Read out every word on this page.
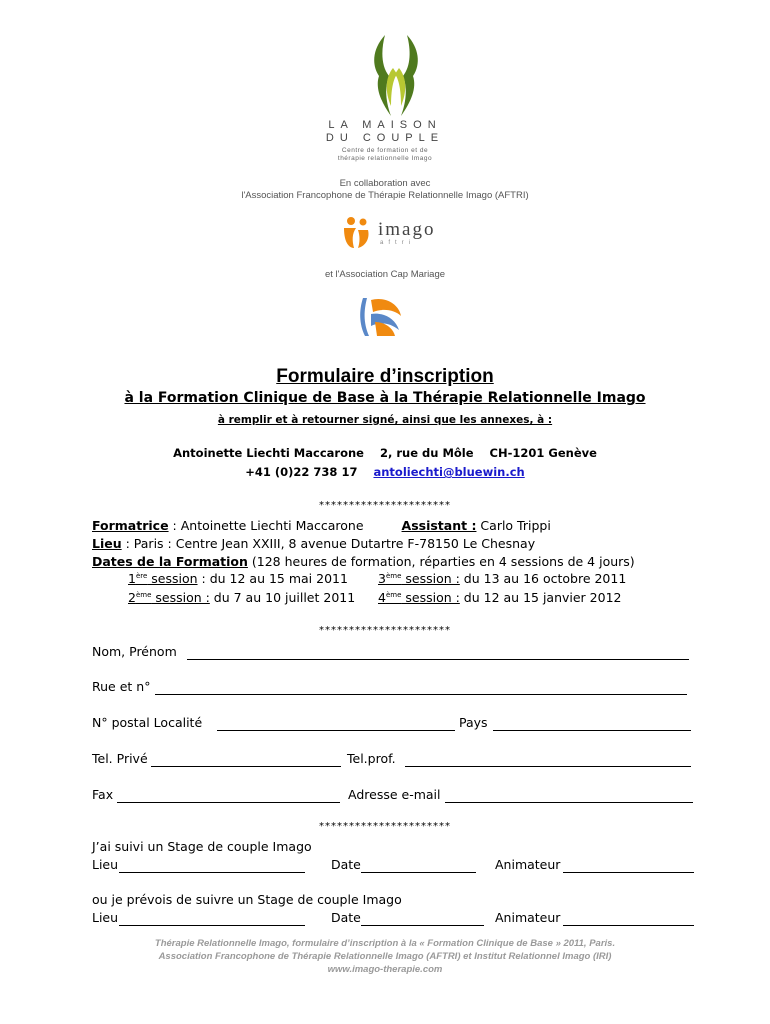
LA MAISON
DU COUPLE
Centre de formation et de
thérapie relationnelle Imago
En collaboration avec
l'Association Francophone de Thérapie Relationnelle Imago (AFTRI)
imago
aftri
et l'Association Cap Mariage
Formulaire d’inscription
à la Formation Clinique de Base à la Thérapie Relationnelle Imago
à remplir et à retourner signé, ainsi que les annexes, à :
Antoinette Liechti Maccarone 2, rue du Môle CH-1201 Genève
+41 (0)22 738 17 antoliechti@bluewin.ch
**********************
Formatrice : Antoinette Liechti Maccarone	Assistant : Carlo Trippi
Lieu : Paris : Centre Jean XXIII, 8 avenue Dutartre F-78150 Le Chesnay
Dates de la Formation (128 heures de formation, réparties en 4 sessions de 4 jours)
1ère session : du 12 au 15 mai 2011 3ème session : du 13 au 16 octobre 2011
2ème session : du 7 au 10 juillet 2011 4ème session : du 12 au 15 janvier 2012
**********************
Nom, Prénom
Rue et n°
N° postal Localité	Pays
Tel. Privé	Tel.prof.
Fax	Adresse e-mail
**********************
J’ai suivi un Stage de couple Imago
Lieu	Date	Animateur
ou je prévois de suivre un Stage de couple Imago
Lieu	Date	Animateur
Thérapie Relationnelle Imago, formulaire d’inscription à la « Formation Clinique de Base » 2011, Paris.
Association Francophone de Thérapie Relationnelle Imago (AFTRI) et Institut Relationnel Imago (IRI)
www.imago-therapie.com
